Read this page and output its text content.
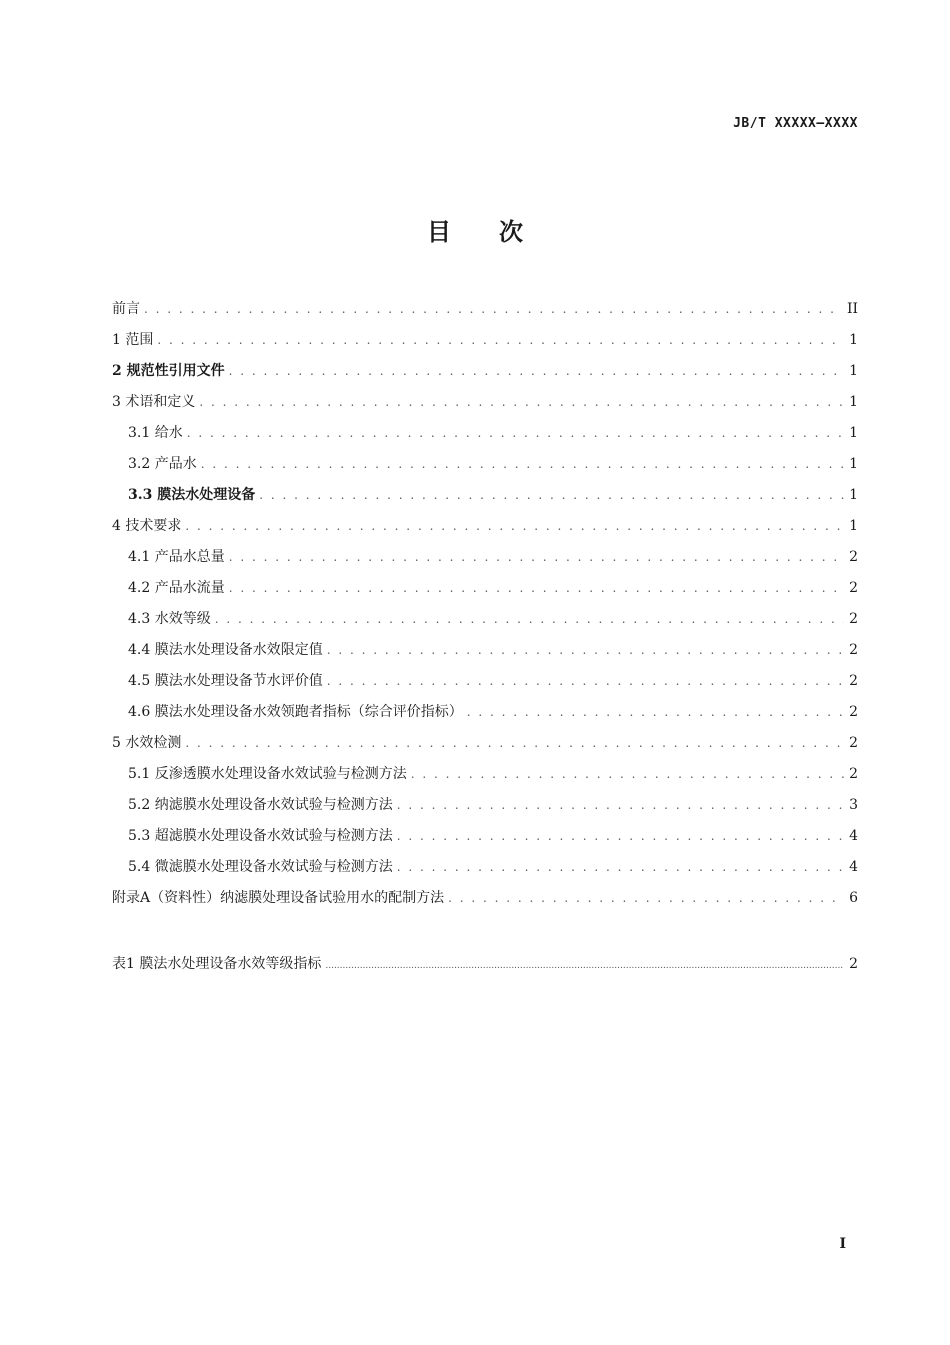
JB/T XXXXX—XXXX
目次
前言 . . .	II
1 范围 . . .	1
2 规范性引用文件 . . .	1
3 术语和定义 . . .	1
3.1 给水 . . .	1
3.2 产品水 . . .	1
3.3 膜法水处理设备 . . .	1
4 技术要求 . . .	1
4.1 产品水总量 . . .	2
4.2 产品水流量 . . .	2
4.3 水效等级 . . .	2
4.4 膜法水处理设备水效限定值 . . .	2
4.5 膜法水处理设备节水评价值 . . .	2
4.6 膜法水处理设备水效领跑者指标（综合评价指标） . . .	2
5 水效检测 . . .	2
5.1 反渗透膜水处理设备水效试验与检测方法 . . .	2
5.2 纳滤膜水处理设备水效试验与检测方法 . . .	3
5.3 超滤膜水处理设备水效试验与检测方法 . . .	4
5.4 微滤膜水处理设备水效试验与检测方法 . . .	4
附录A（资料性）纳滤膜处理设备试验用水的配制方法 . . .	6
表1 膜法水处理设备水效等级指标 .....	2
I
